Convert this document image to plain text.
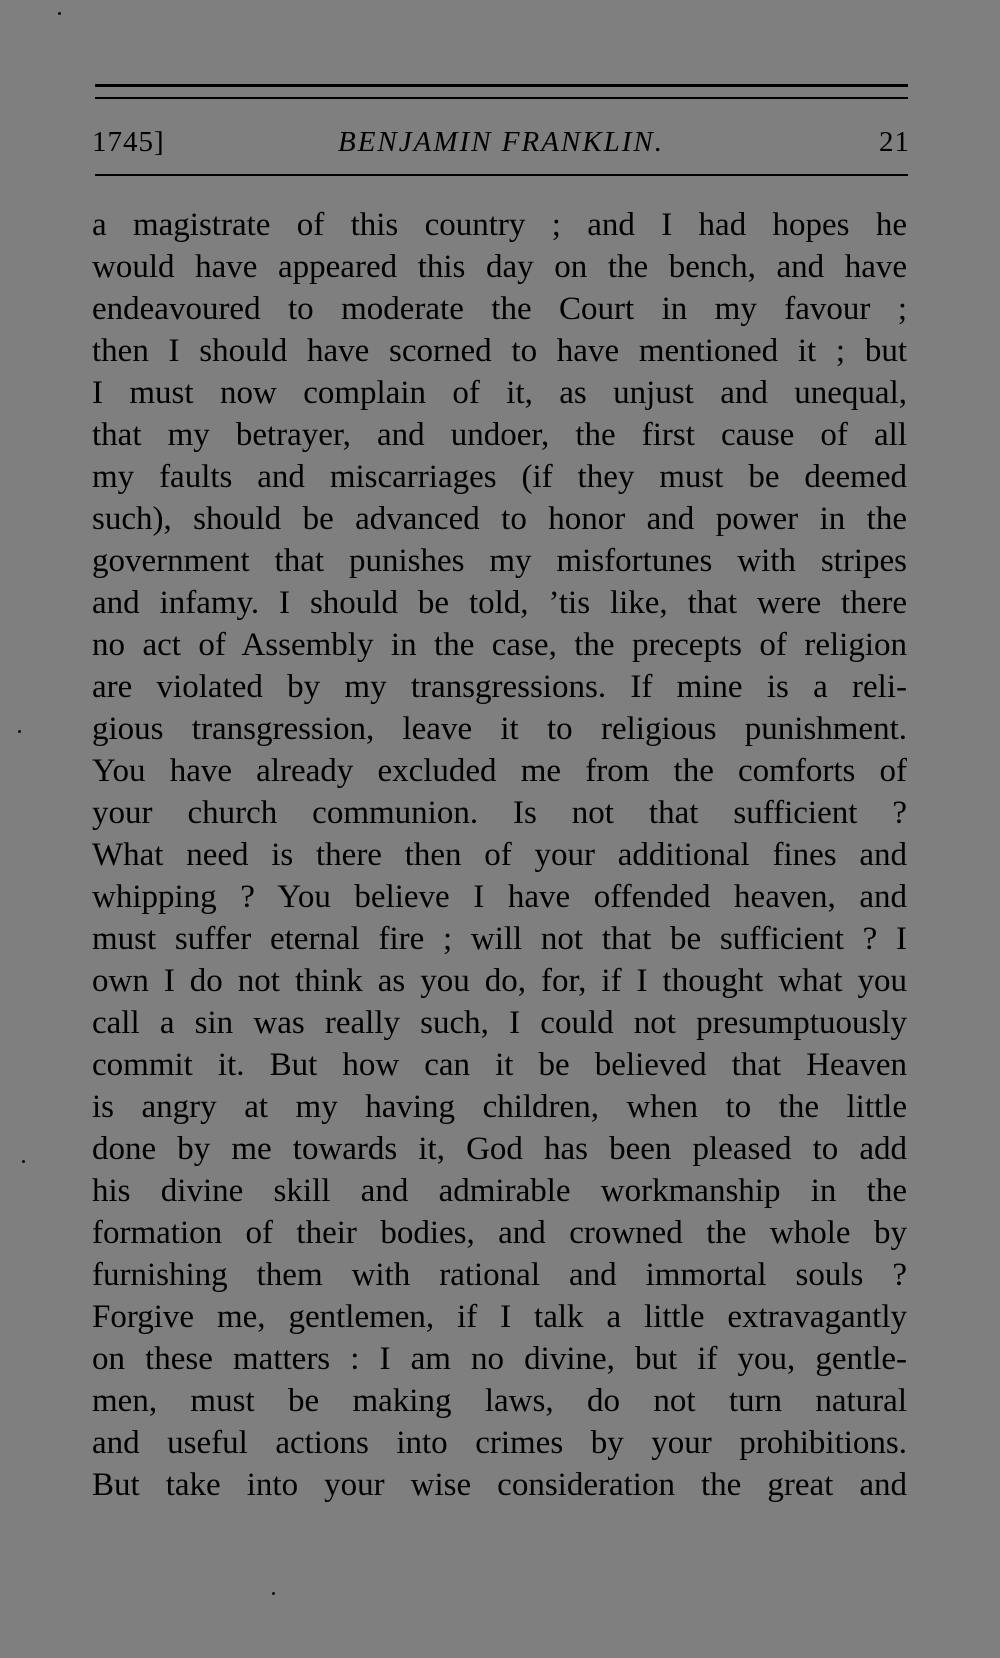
1745]	BENJAMIN FRANKLIN.	21
a magistrate of this country ; and I had hopes he
would have appeared this day on the bench, and have
endeavoured to moderate the Court in my favour ;
then I should have scorned to have mentioned it ; but
I must now complain of it, as unjust and unequal,
that my betrayer, and undoer, the first cause of all
my faults and miscarriages (if they must be deemed
such), should be advanced to honor and power in the
government that punishes my misfortunes with stripes
and infamy. I should be told, ’tis like, that were there
no act of Assembly in the case, the precepts of religion
are violated by my transgressions. If mine is a reli-
gious transgression, leave it to religious punishment.
You have already excluded me from the comforts of
your church communion. Is not that sufficient ?
What need is there then of your additional fines and
whipping ? You believe I have offended heaven, and
must suffer eternal fire ; will not that be sufficient ? I
own I do not think as you do, for, if I thought what you
call a sin was really such, I could not presumptuously
commit it. But how can it be believed that Heaven
is angry at my having children, when to the little
done by me towards it, God has been pleased to add
his divine skill and admirable workmanship in the
formation of their bodies, and crowned the whole by
furnishing them with rational and immortal souls ?
Forgive me, gentlemen, if I talk a little extravagantly
on these matters : I am no divine, but if you, gentle-
men, must be making laws, do not turn natural
and useful actions into crimes by your prohibitions.
But take into your wise consideration the great and
